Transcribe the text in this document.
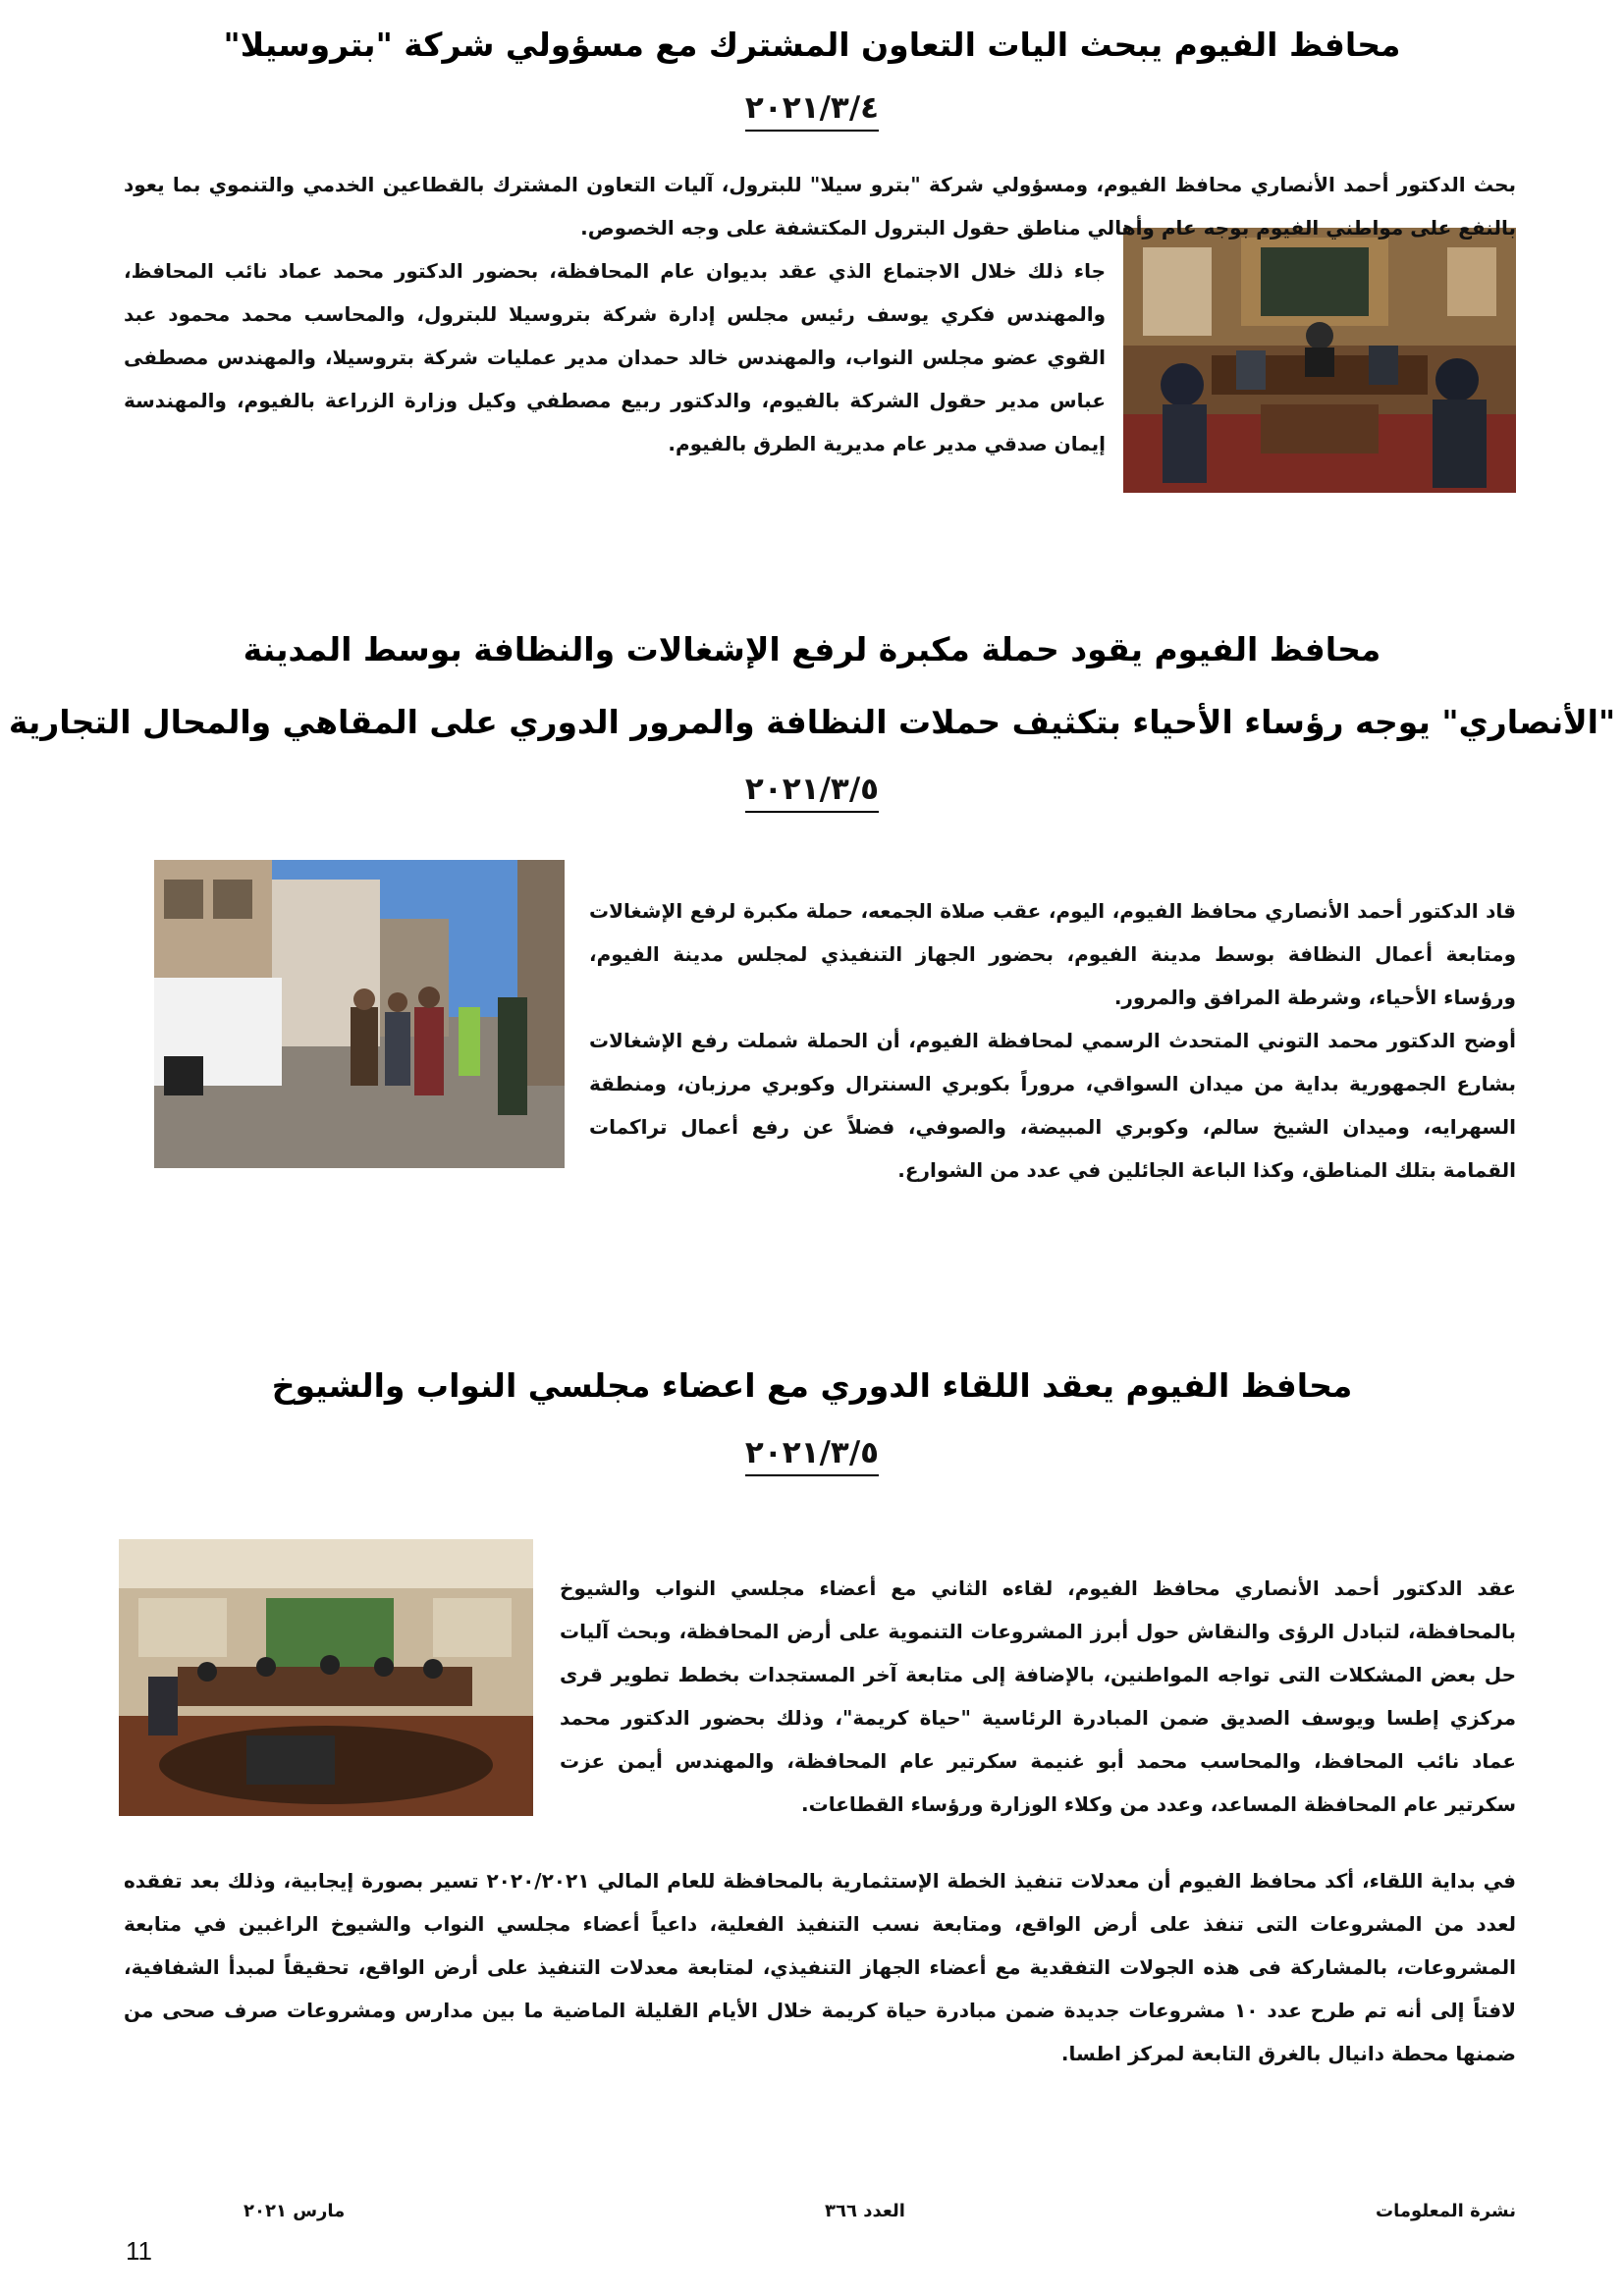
محافظ الفيوم يبحث اليات التعاون المشترك مع مسؤولي شركة "بتروسيلا"
٢٠٢١/٣/٤

بحث الدكتور أحمد الأنصاري محافظ الفيوم، ومسؤولي شركة "بترو سيلا" للبترول، آليات التعاون المشترك بالقطاعين الخدمي والتنموي بما يعود بالنفع على مواطني الفيوم بوجه عام وأهالي مناطق حقول البترول المكتشفة على وجه الخصوص.

جاء ذلك خلال الاجتماع الذي عقد بديوان عام المحافظة، بحضور الدكتور محمد عماد نائب المحافظ، والمهندس فكري يوسف رئيس مجلس إدارة شركة بتروسيلا للبترول، والمحاسب محمد محمود عبد القوي عضو مجلس النواب، والمهندس خالد حمدان مدير عمليات شركة بتروسيلا، والمهندس مصطفى عباس مدير حقول الشركة بالفيوم، والدكتور ربيع مصطفي وكيل وزارة الزراعة بالفيوم، والمهندسة إيمان صدقي مدير عام مديرية الطرق بالفيوم.

محافظ الفيوم يقود حملة مكبرة لرفع الإشغالات والنظافة بوسط المدينة
"الأنصاري" يوجه رؤساء الأحياء بتكثيف حملات النظافة والمرور الدوري على المقاهي والمحال التجارية
٢٠٢١/٣/٥

قاد الدكتور أحمد الأنصاري محافظ الفيوم، اليوم، عقب صلاة الجمعه، حملة مكبرة لرفع الإشغالات ومتابعة أعمال النظافة بوسط مدينة الفيوم، بحضور الجهاز التنفيذي لمجلس مدينة الفيوم، ورؤساء الأحياء، وشرطة المرافق والمرور.

أوضح الدكتور محمد التوني المتحدث الرسمي لمحافظة الفيوم، أن الحملة شملت رفع الإشغالات بشارع الجمهورية بداية من ميدان السواقي، مروراً بكوبري السنترال وكوبري مرزبان، ومنطقة السهرايه، وميدان الشيخ سالم، وكوبري المبيضة، والصوفي، فضلاً عن رفع أعمال تراكمات القمامة بتلك المناطق، وكذا الباعة الجائلين في عدد من الشوارع.

محافظ الفيوم يعقد اللقاء الدوري مع اعضاء مجلسي النواب والشيوخ
٢٠٢١/٣/٥

عقد الدكتور أحمد الأنصاري محافظ الفيوم، لقاءه الثاني مع أعضاء مجلسي النواب والشيوخ بالمحافظة، لتبادل الرؤى والنقاش حول أبرز المشروعات التنموية على أرض المحافظة، وبحث آليات حل بعض المشكلات التى تواجه المواطنين، بالإضافة إلى متابعة آخر المستجدات بخطط تطوير قرى مركزي إطسا ويوسف الصديق ضمن المبادرة الرئاسية "حياة كريمة"، وذلك بحضور الدكتور محمد عماد نائب المحافظ، والمحاسب محمد أبو غنيمة سكرتير عام المحافظة، والمهندس أيمن عزت سكرتير عام المحافظة المساعد، وعدد من وكلاء الوزارة ورؤساء القطاعات.

في بداية اللقاء، أكد محافظ الفيوم أن معدلات تنفيذ الخطة الإستثمارية بالمحافظة للعام المالي ٢٠٢٠/٢٠٢١ تسير بصورة إيجابية، وذلك بعد تفقده لعدد من المشروعات التى تنفذ على أرض الواقع، ومتابعة نسب التنفيذ الفعلية، داعياً أعضاء مجلسي النواب والشيوخ الراغبين في متابعة المشروعات، بالمشاركة فى هذه الجولات التفقدية مع أعضاء الجهاز التنفيذي، لمتابعة معدلات التنفيذ على أرض الواقع، تحقيقاً لمبدأ الشفافية، لافتاً إلى أنه تم طرح عدد ١٠ مشروعات جديدة ضمن مبادرة حياة كريمة خلال الأيام القليلة الماضية ما بين مدارس ومشروعات صرف صحى من ضمنها محطة دانيال بالغرق التابعة لمركز اطسا.

نشرة المعلومات
العدد ٣٦٦
مارس ٢٠٢١
11
